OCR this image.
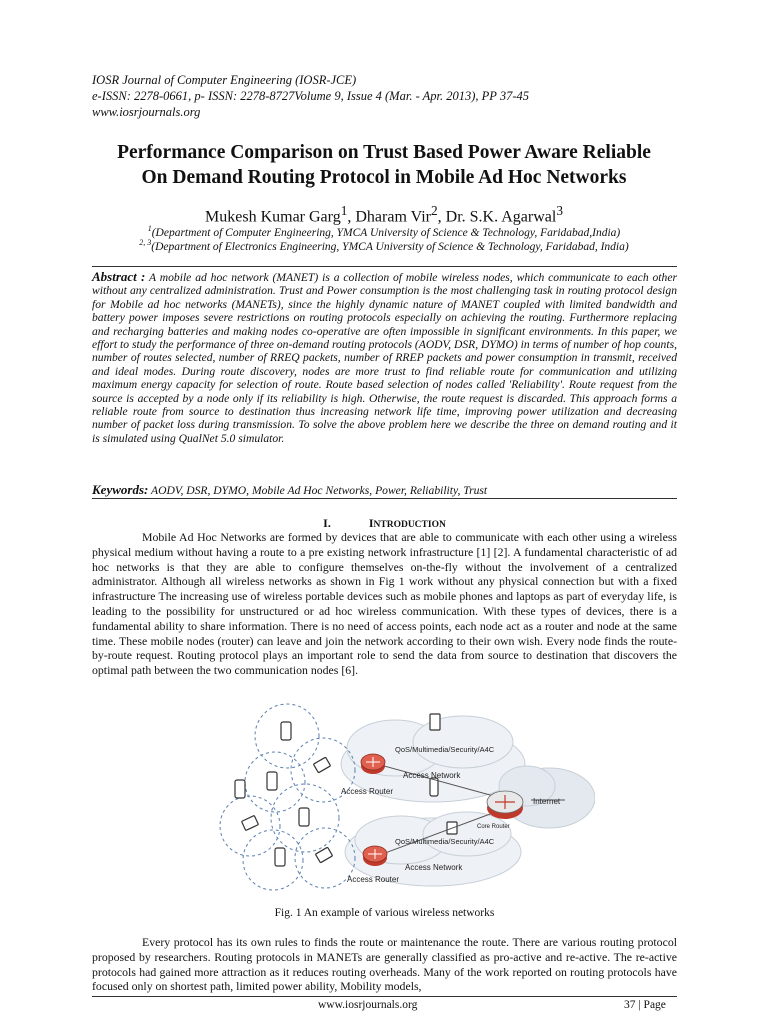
IOSR Journal of Computer Engineering (IOSR-JCE)
e-ISSN: 2278-0661, p- ISSN: 2278-8727Volume 9, Issue 4 (Mar. - Apr. 2013), PP 37-45
www.iosrjournals.org
Performance Comparison on Trust Based Power Aware Reliable
On Demand Routing Protocol in Mobile Ad Hoc Networks
Mukesh Kumar Garg$^1$, Dharam Vir$^2$, Dr. S.K. Agarwal$^3$
$^1$(Department of Computer Engineering, YMCA University of Science & Technology, Faridabad,India)
$^{2, 3}$(Department of Electronics Engineering, YMCA University of Science & Technology, Faridabad, India)
Abstract : A mobile ad hoc network (MANET) is a collection of mobile wireless nodes, which communicate to each other without any centralized administration. Trust and Power consumption is the most challenging task in routing protocol design for Mobile ad hoc networks (MANETs), since the highly dynamic nature of MANET coupled with limited bandwidth and battery power imposes severe restrictions on routing protocols especially on achieving the routing. Furthermore replacing and recharging batteries and making nodes co-operative are often impossible in significant environments. In this paper, we effort to study the performance of three on-demand routing protocols (AODV, DSR, DYMO) in terms of number of hop counts, number of routes selected, number of RREQ packets, number of RREP packets and power consumption in transmit, received and ideal modes. During route discovery, nodes are more trust to find reliable route for communication and utilizing maximum energy capacity for selection of route. Route based selection of nodes called 'Reliability'. Route request from the source is accepted by a node only if its reliability is high. Otherwise, the route request is discarded. This approach forms a reliable route from source to destination thus increasing network life time, improving power utilization and decreasing number of packet loss during transmission. To solve the above problem here we describe the three on demand routing and it is simulated using QualNet 5.0 simulator.
Keywords: AODV, DSR, DYMO, Mobile Ad Hoc Networks, Power, Reliability, Trust
I.	INTRODUCTION

Mobile Ad Hoc Networks are formed by devices that are able to communicate with each other using a wireless physical medium without having a route to a pre existing network infrastructure [1] [2]. A fundamental characteristic of ad hoc networks is that they are able to configure themselves on-the-fly without the involvement of a centralized administrator. Although all wireless networks as shown in Fig 1 work without any physical connection but with a fixed infrastructure The increasing use of wireless portable devices such as mobile phones and laptops as part of everyday life, is leading to the possibility for unstructured or ad hoc wireless communication. With these types of devices, there is a fundamental ability to share information. There is no need of access points, each node act as a router and node at the same time. These mobile nodes (router) can leave and join the network according to their own wish. Every node finds the route-by-route request. Routing protocol plays an important role to send the data from source to destination that discovers the optimal path between the two communication nodes [6].

QoS/Multimedia/Security/A4C
Access Network
Access Router
Internet
Core Router
QoS/Multimedia/Security/A4C
Access Network
Access Router
Fig. 1 An example of various wireless networks

Every protocol has its own rules to finds the route or maintenance the route. There are various routing protocol proposed by researchers. Routing protocols in MANETs are generally classified as pro-active and re-active. The re-active protocols had gained more attraction as it reduces routing overheads. Many of the work reported on routing protocols have focused only on shortest path, limited power ability, Mobility models,

www.iosrjournals.org	37 | Page
